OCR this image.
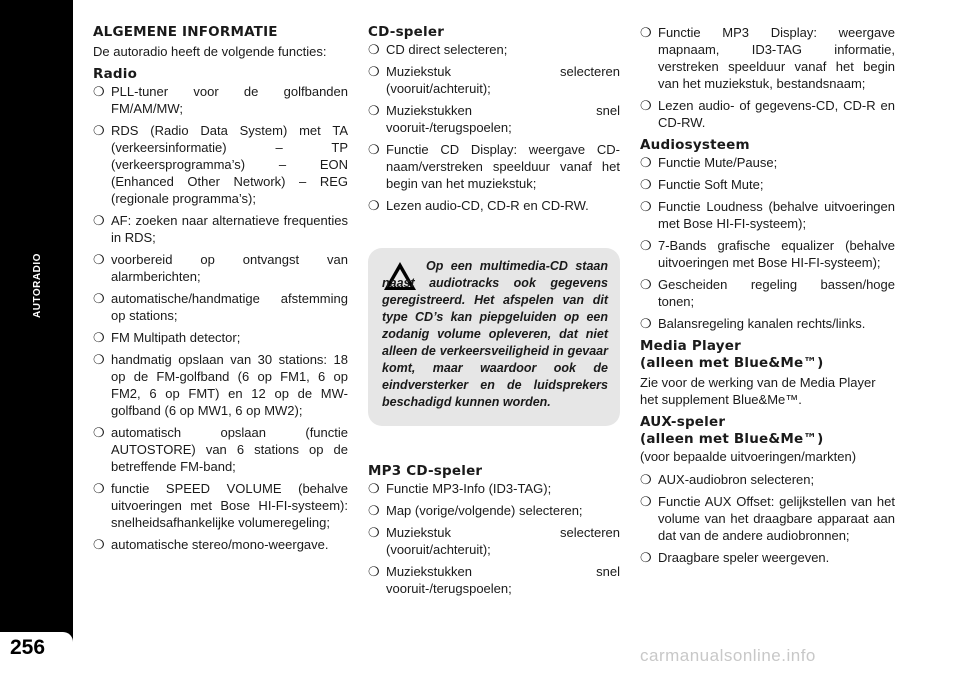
AUTORADIO
256

ALGEMENE INFORMATIE

De autoradio heeft de volgende functies:

Radio

❍ PLL-tuner voor de golfbanden FM/AM/MW;
❍ RDS (Radio Data System) met TA (verkeersinformatie) – TP (verkeersprogramma’s) – EON (Enhanced Other Network) – REG (regionale programma’s);
❍ AF: zoeken naar alternatieve frequenties in RDS;
❍ voorbereid op ontvangst van alarmberichten;
❍ automatische/handmatige afstemming op stations;
❍ FM Multipath detector;
❍ handmatig opslaan van 30 stations: 18 op de FM-golfband (6 op FM1, 6 op FM2, 6 op FMT) en 12 op de MW-golfband (6 op MW1, 6 op MW2);
❍ automatisch opslaan (functie AUTOSTORE) van 6 stations op de betreffende FM-band;
❍ functie SPEED VOLUME (behalve uitvoeringen met Bose HI-FI-systeem): snelheidsafhankelijke volumeregeling;
❍ automatische stereo/mono-weergave.

CD-speler

❍ CD direct selecteren;
❍ Muziekstuk selecteren (vooruit/achteruit);
❍ Muziekstukken snel vooruit-/terugspoelen;
❍ Functie CD Display: weergave CD-naam/verstreken speelduur vanaf het begin van het muziekstuk;
❍ Lezen audio-CD, CD-R en CD-RW.
Op een multimedia-CD staan naast audiotracks ook gegevens geregistreerd. Het afspelen van dit type CD’s kan piepgeluiden op een zodanig volume opleveren, dat niet alleen de verkeersveiligheid in gevaar komt, maar waardoor ook de eindversterker en de luidsprekers beschadigd kunnen worden.

MP3 CD-speler

❍ Functie MP3-Info (ID3-TAG);
❍ Map (vorige/volgende) selecteren;
❍ Muziekstuk selecteren (vooruit/achteruit);
❍ Muziekstukken snel vooruit-/terugspoelen;
❍ Functie MP3 Display: weergave mapnaam, ID3-TAG informatie, verstreken speelduur vanaf het begin van het muziekstuk, bestandsnaam;
❍ Lezen audio- of gegevens-CD, CD-R en CD-RW.

Audiosysteem

❍ Functie Mute/Pause;
❍ Functie Soft Mute;
❍ Functie Loudness (behalve uitvoeringen met Bose HI-FI-systeem);
❍ 7-Bands grafische equalizer (behalve uitvoeringen met Bose HI-FI-systeem);
❍ Gescheiden regeling bassen/hoge tonen;
❍ Balansregeling kanalen rechts/links.

Media Player

(alleen met Blue&Me™)

Zie voor de werking van de Media Player het supplement Blue&Me™.

AUX-speler

(alleen met Blue&Me™)

(voor bepaalde uitvoeringen/markten)

❍ AUX-audiobron selecteren;
❍ Functie AUX Offset: gelijkstellen van het volume van het draagbare apparaat aan dat van de andere audiobronnen;
❍ Draagbare speler weergeven.
carmanualsonline.info
